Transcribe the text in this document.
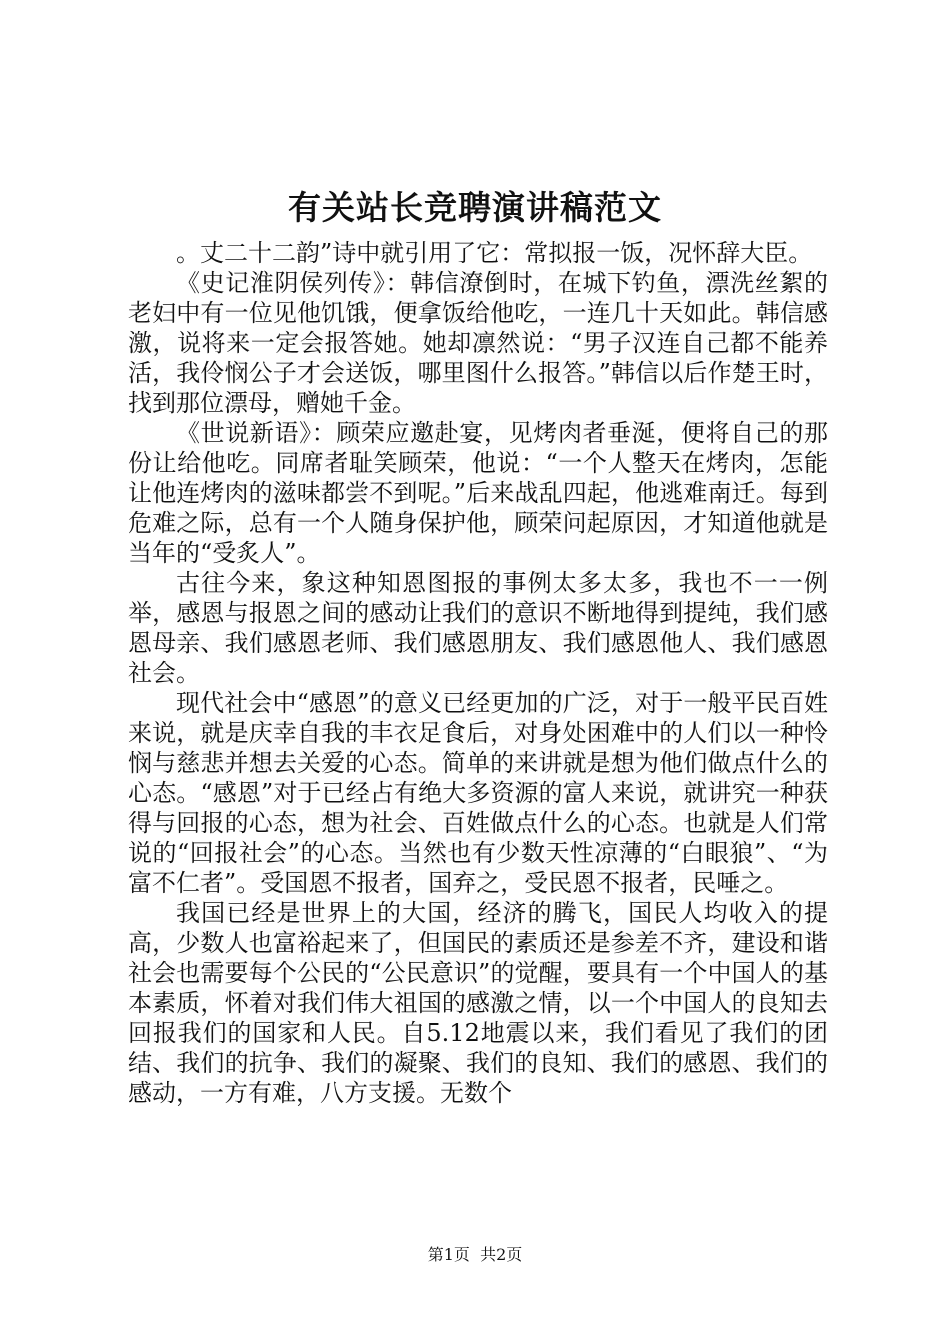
有关站长竞聘演讲稿范文

。丈二十二韵”诗中就引用了它：常拟报一饭，况怀辞大臣。

《史记淮阴侯列传》：韩信潦倒时，在城下钓鱼，漂洗丝絮的老妇中有一位见他饥饿，便拿饭给他吃，一连几十天如此。韩信感激，说将来一定会报答她。她却凛然说：“男子汉连自己都不能养活，我伶悯公子才会送饭，哪里图什么报答。”韩信以后作楚王时，找到那位漂母，赠她千金。

《世说新语》：顾荣应邀赴宴，见烤肉者垂涎，便将自己的那份让给他吃。同席者耻笑顾荣，他说：“一个人整天在烤肉，怎能让他连烤肉的滋味都尝不到呢。”后来战乱四起，他逃难南迁。每到危难之际，总有一个人随身保护他，顾荣问起原因，才知道他就是当年的“受炙人”。

古往今来，象这种知恩图报的事例太多太多，我也不一一例举，感恩与报恩之间的感动让我们的意识不断地得到提纯，我们感恩母亲、我们感恩老师、我们感恩朋友、我们感恩他人、我们感恩社会。

现代社会中“感恩”的意义已经更加的广泛，对于一般平民百姓来说，就是庆幸自我的丰衣足食后，对身处困难中的人们以一种怜悯与慈悲并想去关爱的心态。简单的来讲就是想为他们做点什么的心态。“感恩”对于已经占有绝大多资源的富人来说，就讲究一种获得与回报的心态，想为社会、百姓做点什么的心态。也就是人们常说的“回报社会”的心态。当然也有少数天性凉薄的“白眼狼”、“为富不仁者”。受国恩不报者，国弃之，受民恩不报者，民唾之。

我国已经是世界上的大国，经济的腾飞，国民人均收入的提高，少数人也富裕起来了，但国民的素质还是参差不齐，建设和谐社会也需要每个公民的“公民意识”的觉醒，要具有一个中国人的基本素质，怀着对我们伟大祖国的感激之情，以一个中国人的良知去回报我们的国家和人民。自5.12地震以来，我们看见了我们的团结、我们的抗争、我们的凝聚、我们的良知、我们的感恩、我们的感动，一方有难，八方支援。无数个

第1页  共2页
